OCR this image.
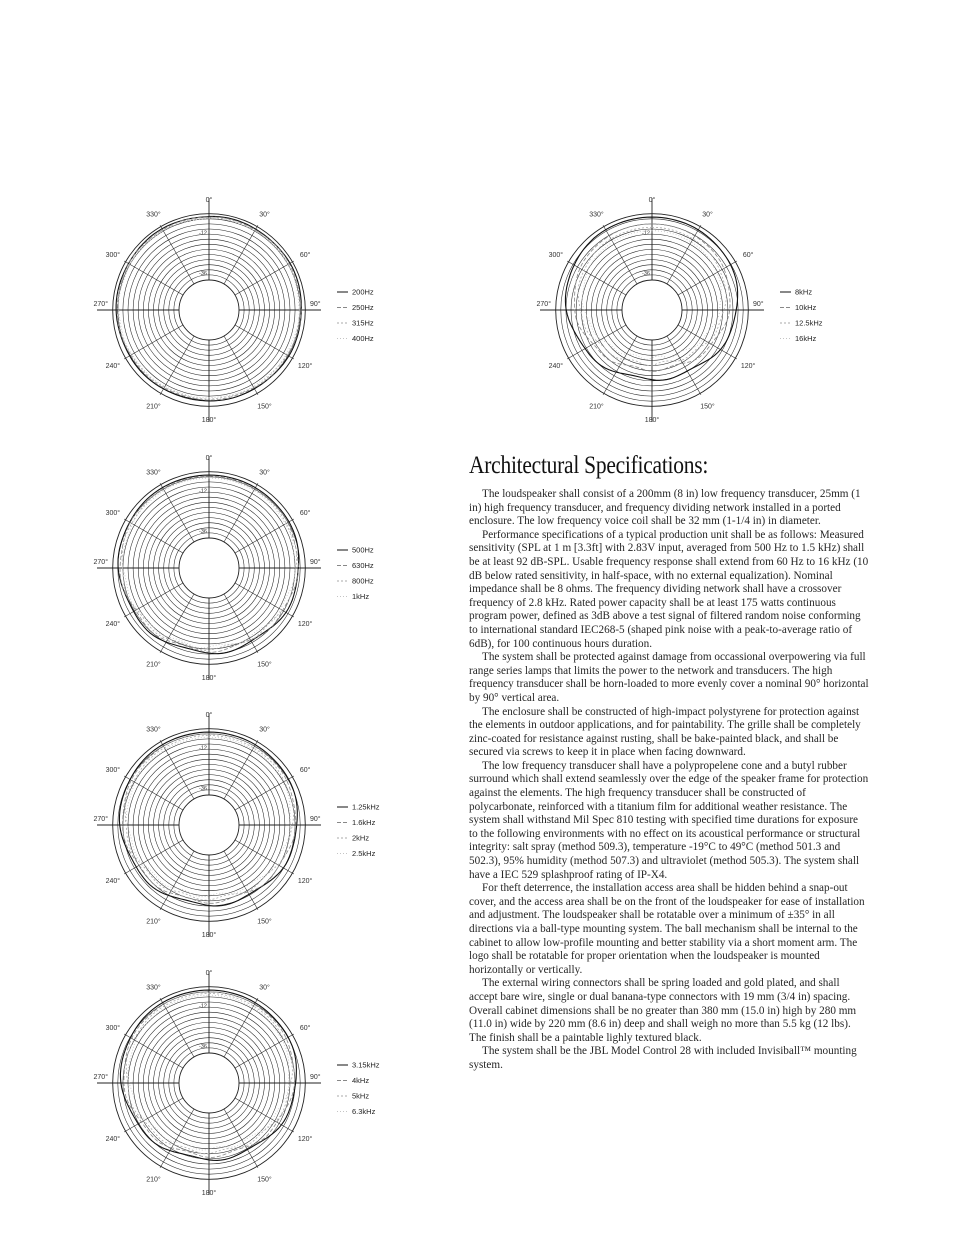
0°
30°
60°
90°
120°
150°
180°
210°
240°
270°
300°
330°
-12
-36
200Hz
250Hz
315Hz
400Hz
0°
30°
60°
90°
120°
150°
180°
210°
240°
270°
300°
330°
-12
-36
8kHz
10kHz
12.5kHz
16kHz
0°
30°
60°
90°
120°
150°
180°
210°
240°
270°
300°
330°
-12
-36
500Hz
630Hz
800Hz
1kHz
0°
30°
60°
90°
120°
150°
180°
210°
240°
270°
300°
330°
-12
-36
1.25kHz
1.6kHz
2kHz
2.5kHz
0°
30°
60°
90°
120°
150°
180°
210°
240°
270°
300°
330°
-12
-36
3.15kHz
4kHz
5kHz
6.3kHz
Architectural Specifications:

The loudspeaker shall consist of a 200mm (8 in) low frequency transducer, 25mm (1 in) high frequency transducer, and frequency dividing network installed in a ported enclosure. The low frequency voice coil shall be 32 mm (1-1/4 in) in diameter.

Performance specifications of a typical production unit shall be as follows: Measured sensitivity (SPL at 1 m [3.3ft] with 2.83V input, averaged from 500 Hz to 1.5 kHz) shall be at least 92 dB-SPL. Usable frequency response shall extend from 60 Hz to 16 kHz (10 dB below rated sensitivity, in half-space, with no external equalization). Nominal impedance shall be 8 ohms. The frequency dividing network shall have a crossover frequency of 2.8 kHz. Rated power capacity shall be at least 175 watts continuous program power, defined as 3dB above a test signal of filtered random noise conforming to international standard IEC268-5 (shaped pink noise with a peak-to-average ratio of 6dB), for 100 continuous hours duration.

The system shall be protected against damage from occassional overpowering via full range series lamps that limits the power to the network and transducers. The high frequency transducer shall be horn-loaded to more evenly cover a nominal 90° horizontal by 90° vertical area.

The enclosure shall be constructed of high-impact polystyrene for protection against the elements in outdoor applications, and for paintability. The grille shall be completely zinc-coated for resistance against rusting, shall be bake-painted black, and shall be secured via screws to keep it in place when facing downward.

The low frequency transducer shall have a polypropelene cone and a butyl rubber surround which shall extend seamlessly over the edge of the speaker frame for protection against the elements. The high frequency transducer shall be constructed of polycarbonate, reinforced with a titanium film for additional weather resistance. The system shall withstand Mil Spec 810 testing with specified time durations for exposure to the following environments with no effect on its acoustical performance or structural integrity: salt spray (method 509.3), temperature -19°C to 49°C (method 501.3 and 502.3), 95% humidity (method 507.3) and ultraviolet (method 505.3). The system shall have a IEC 529 splashproof rating of IP-X4.

For theft deterrence, the installation access area shall be hidden behind a snap-out cover, and the access area shall be on the front of the loudspeaker for ease of installation and adjustment. The loudspeaker shall be rotatable over a minimum of ±35° in all directions via a ball-type mounting system. The ball mechanism shall be internal to the cabinet to allow low-profile mounting and better stability via a short moment arm. The logo shall be rotatable for proper orientation when the loudspeaker is mounted horizontally or vertically.

The external wiring connectors shall be spring loaded and gold plated, and shall accept bare wire, single or dual banana-type connectors with 19 mm (3/4 in) spacing. Overall cabinet dimensions shall be no greater than 380 mm (15.0 in) high by 280 mm (11.0 in) wide by 220 mm (8.6 in) deep and shall weigh no more than 5.5 kg (12 lbs). The finish shall be a paintable lighly textured black.

The system shall be the JBL Model Control 28 with included Invisiball™ mounting system.
